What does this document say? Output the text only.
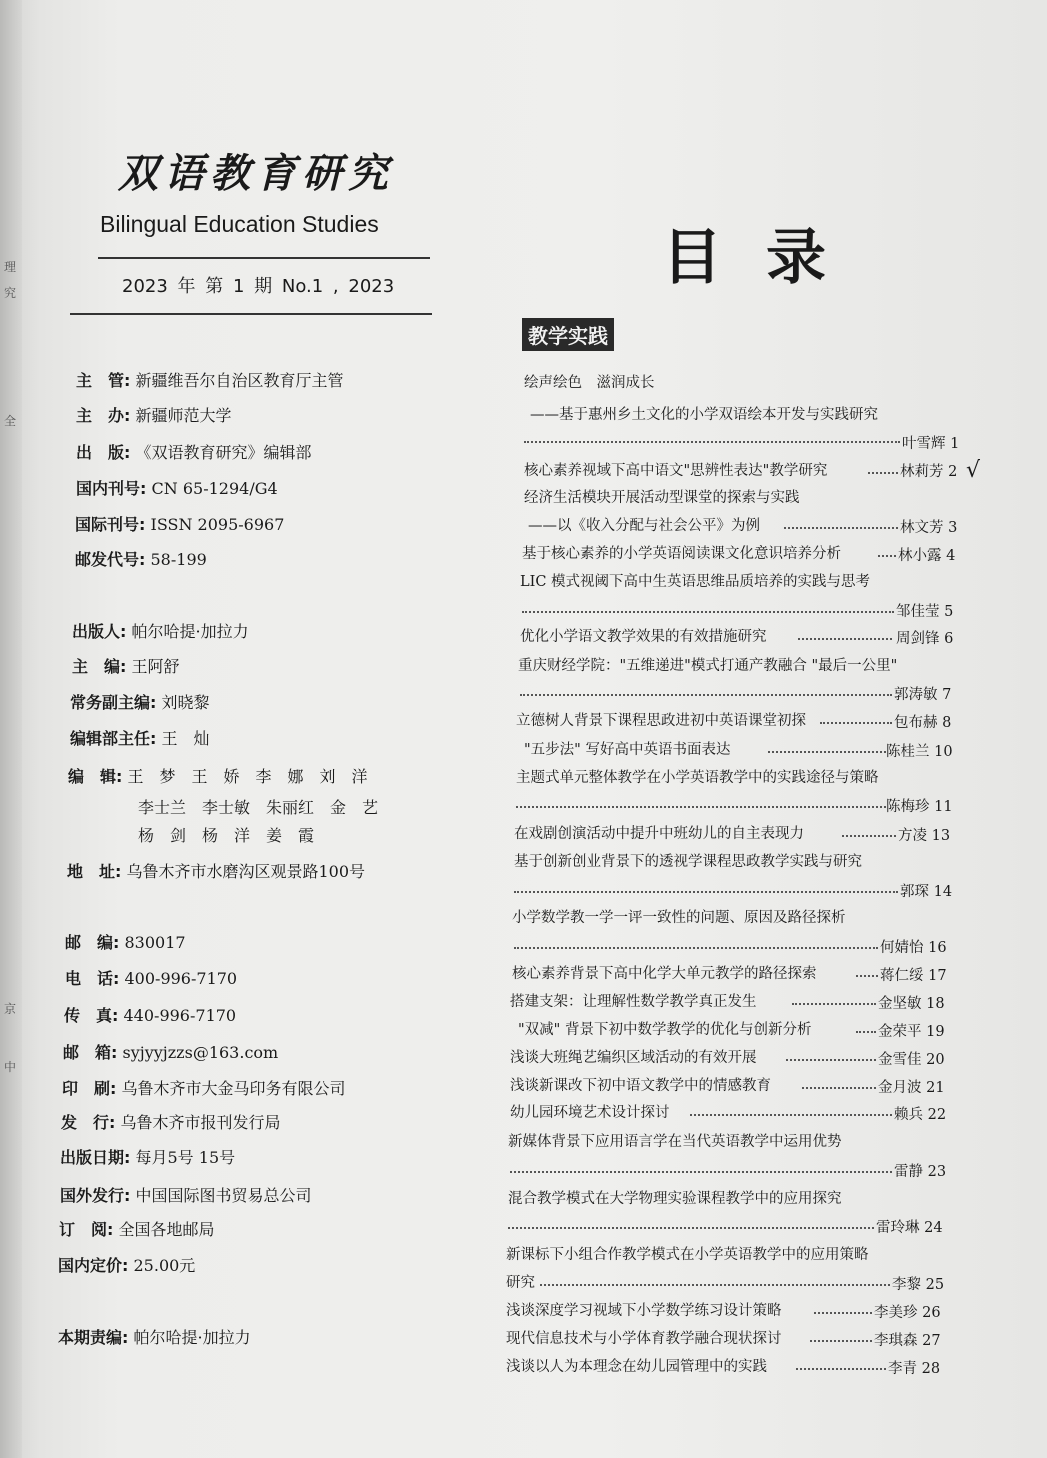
理
究
全
京
中
双语教育研究
Bilingual Education Studies
2023 年 第 1 期 No.1 , 2023
主　管: 新疆维吾尔自治区教育厅主管
主　办: 新疆师范大学
出　版: 《双语教育研究》编辑部
国内刊号: CN 65-1294/G4
国际刊号: ISSN 2095-6967
邮发代号: 58-199
出版人: 帕尔哈提·加拉力
主　编: 王阿舒
常务副主编: 刘晓黎
编辑部主任: 王　灿
编　辑: 王　梦　王　娇　李　娜　刘　洋
李士兰　李士敏　朱丽红　金　艺
杨　剑　杨　洋　姜　霞
地　址: 乌鲁木齐市水磨沟区观景路100号
邮　编: 830017
电　话: 400-996-7170
传　真: 440-996-7170
邮　箱: syjyyjzzs@163.com
印　刷: 乌鲁木齐市大金马印务有限公司
发　行: 乌鲁木齐市报刊发行局
出版日期: 每月5号 15号
国外发行: 中国国际图书贸易总公司
订　阅: 全国各地邮局
国内定价: 25.00元
本期责编: 帕尔哈提·加拉力
目录
教学实践
绘声绘色　滋润成长
——基于惠州乡土文化的小学双语绘本开发与实践研究
叶雪辉 1
核心素养视域下高中语文"思辨性表达"教学研究	林莉芳 2 √
经济生活模块开展活动型课堂的探索与实践
——以《收入分配与社会公平》为例	林文芳 3
基于核心素养的小学英语阅读课文化意识培养分析	林小露 4
LIC 模式视阈下高中生英语思维品质培养的实践与思考
邹佳莹 5
优化小学语文教学效果的有效措施研究	周剑锋 6
重庆财经学院："五维递进"模式打通产教融合 "最后一公里"
郭涛敏 7
立德树人背景下课程思政进初中英语课堂初探	包布赫 8
"五步法" 写好高中英语书面表达	陈桂兰 10
主题式单元整体教学在小学英语教学中的实践途径与策略
陈梅珍 11
在戏剧创演活动中提升中班幼儿的自主表现力	方凌 13
基于创新创业背景下的透视学课程思政教学实践与研究
郭琛 14
小学数学教一学一评一致性的问题、原因及路径探析
何婧怡 16
核心素养背景下高中化学大单元教学的路径探索	蒋仁绥 17
搭建支架：让理解性数学教学真正发生	金坚敏 18
"双减" 背景下初中数学教学的优化与创新分析	金荣平 19
浅谈大班绳艺编织区域活动的有效开展	金雪佳 20
浅谈新课改下初中语文教学中的情感教育	金月波 21
幼儿园环境艺术设计探讨	赖兵 22
新媒体背景下应用语言学在当代英语教学中运用优势
雷静 23
混合教学模式在大学物理实验课程教学中的应用探究
雷玲琳 24
新课标下小组合作教学模式在小学英语教学中的应用策略
研究	李黎 25
浅谈深度学习视域下小学数学练习设计策略	李美珍 26
现代信息技术与小学体育教学融合现状探讨	李琪森 27
浅谈以人为本理念在幼儿园管理中的实践	李青 28
